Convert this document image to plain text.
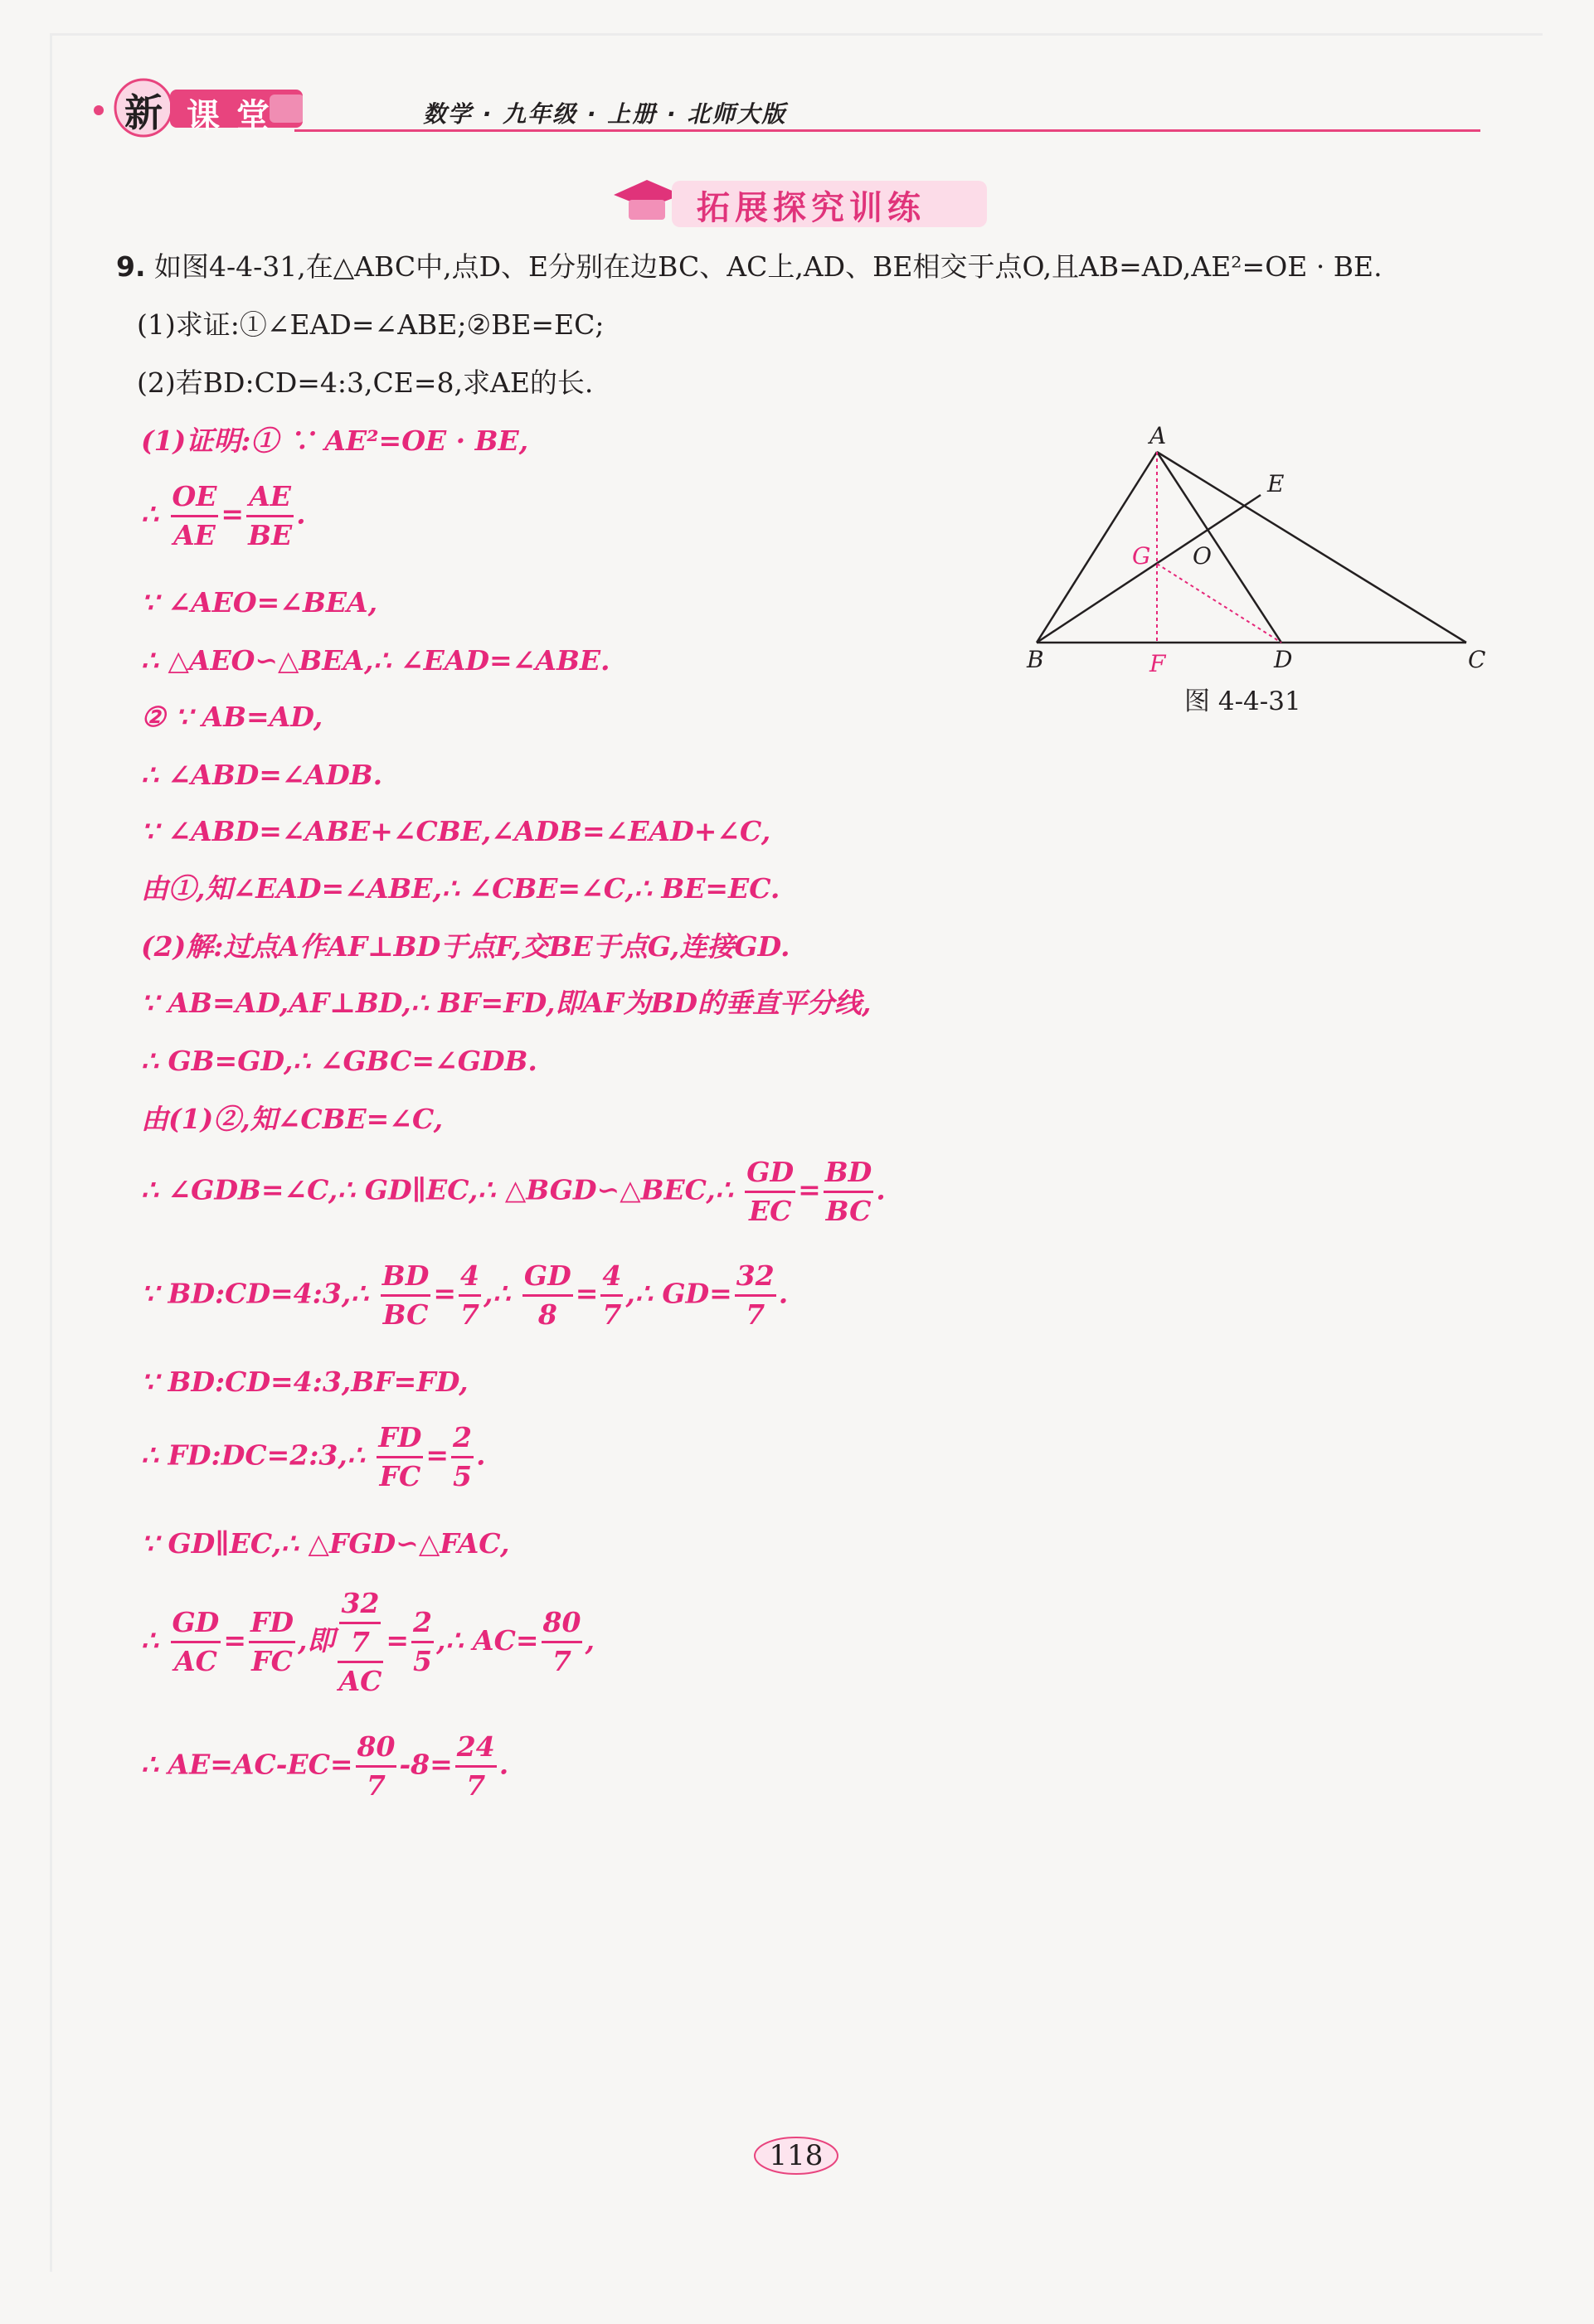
新 课 堂	数学 · 九年级 · 上册 · 北师大版
拓展探究训练
9. 如图4-4-31,在△ABC中,点D、E分别在边BC、AC上,AD、BE相交于点O,且AB=AD,AE²=OE · BE.
(1)求证:①∠EAD=∠ABE;②BE=EC;
(2)若BD:CD=4:3,CE=8,求AE的长.
A
B	C
D
E
O
G
F
图 4-4-31
(1)证明:① ∵ AE²=OE · BE,
∴ $\frac{OE}{AE} = \frac{AE}{BE}$ .
∵ ∠AEO=∠BEA,
∴ △AEO∽△BEA,∴ ∠EAD=∠ABE.
② ∵ AB=AD,
∴ ∠ABD=∠ADB.
∵ ∠ABD=∠ABE+∠CBE,∠ADB=∠EAD+∠C,
由①,知∠EAD=∠ABE,∴ ∠CBE=∠C,∴ BE=EC.
(2)解:过点A作AF⊥BD于点F,交BE于点G,连接GD.
∵ AB=AD,AF⊥BD,∴ BF=FD,即AF为BD的垂直平分线,
∴ GB=GD,∴ ∠GBC=∠GDB.
由(1)②,知∠CBE=∠C,
∴ ∠GDB=∠C,∴ GD∥EC,∴ △BGD∽△BEC,∴ $\frac{GD}{EC} = \frac{BD}{BC}$ .
∵ BD:CD=4:3,∴ $\frac{BD}{BC} = \frac{4}{7}$ ,∴ $\frac{GD}{8} = \frac{4}{7}$ ,∴ $GD= \frac{32}{7}$ .
∵ BD:CD=4:3,BF=FD,
∴ FD:DC=2:3,∴ $\frac{FD}{FC} = \frac{2}{5}$ .
∵ GD∥EC,∴ △FGD∽△FAC,
∴ $\frac{GD}{AC} = \frac{FD}{FC}$ ,即 $\frac{\frac{32}{7}}{AC} = \frac{2}{5}$ ,∴ $AC= \frac{80}{7}$ ,
∴ $AE=AC-EC= \frac{80}{7} -8= \frac{24}{7}$ .
118
